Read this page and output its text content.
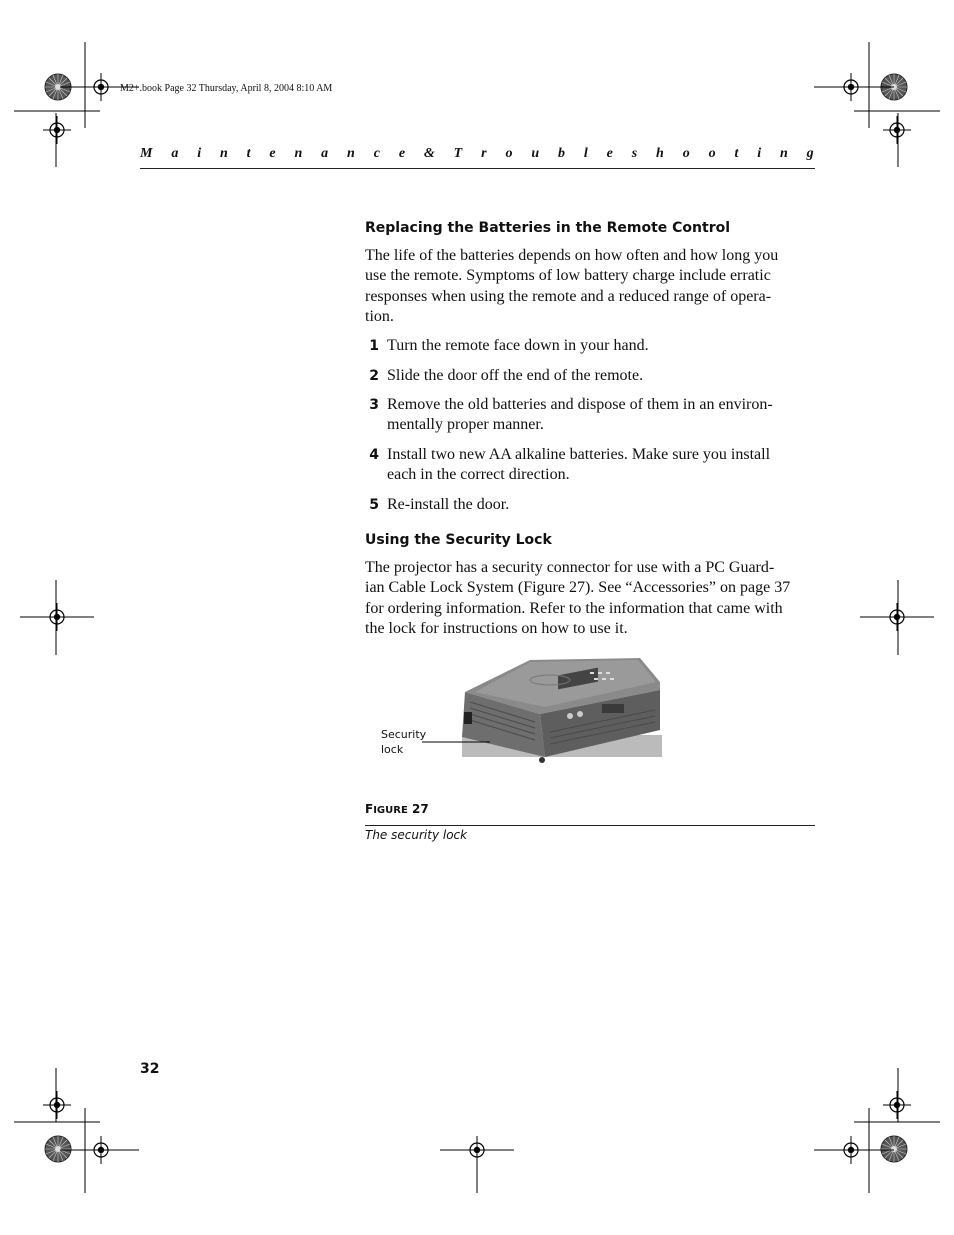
M2+.book Page 32 Thursday, April 8, 2004 8:10 AM
M a i n t e n a n c e & T r o u b l e s h o o t i n g
Replacing the Batteries in the Remote Control
The life of the batteries depends on how often and how long you
use the remote. Symptoms of low battery charge include erratic
responses when using the remote and a reduced range of opera-
tion.
1 Turn the remote face down in your hand.
2 Slide the door off the end of the remote.
3 Remove the old batteries and dispose of them in an environ-
mentally proper manner.
4 Install two new AA alkaline batteries. Make sure you install
each in the correct direction.
5 Re-install the door.
Using the Security Lock
The projector has a security connector for use with a PC Guard-
ian Cable Lock System (Figure 27). See “Accessories” on page 37
for ordering information. Refer to the information that came with
the lock for instructions on how to use it.
Security
lock
FIGURE 27
The security lock
32
